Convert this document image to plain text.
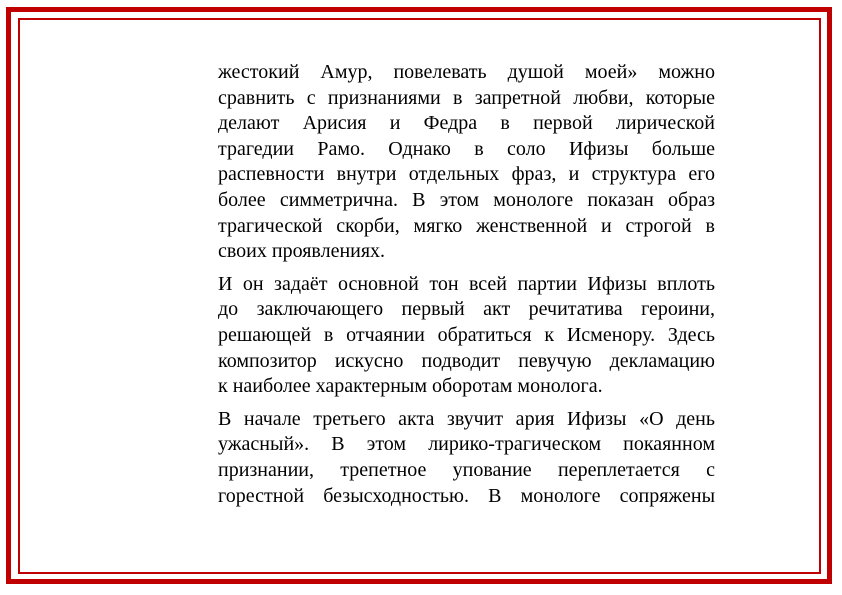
жестокий Амур, повелевать душой моей» можно
сравнить с признаниями в запретной любви, которые
делают Арисия и Федра в первой лирической
трагедии Рамо. Однако в соло Ифизы больше
распевности внутри отдельных фраз, и структура его
более симметрична. В этом монологе показан образ
трагической скорби, мягко женственной и строгой в
своих проявлениях.

И он задаёт основной тон всей партии Ифизы вплоть
до заключающего первый акт речитатива героини,
решающей в отчаянии обратиться к Исменору. Здесь
композитор искусно подводит певучую декламацию
к наиболее характерным оборотам монолога.

В начале третьего акта звучит ария Ифизы «О день
ужасный». В этом лирико-трагическом покаянном
признании, трепетное упование переплетается с
горестной безысходностью. В монологе сопряжены
